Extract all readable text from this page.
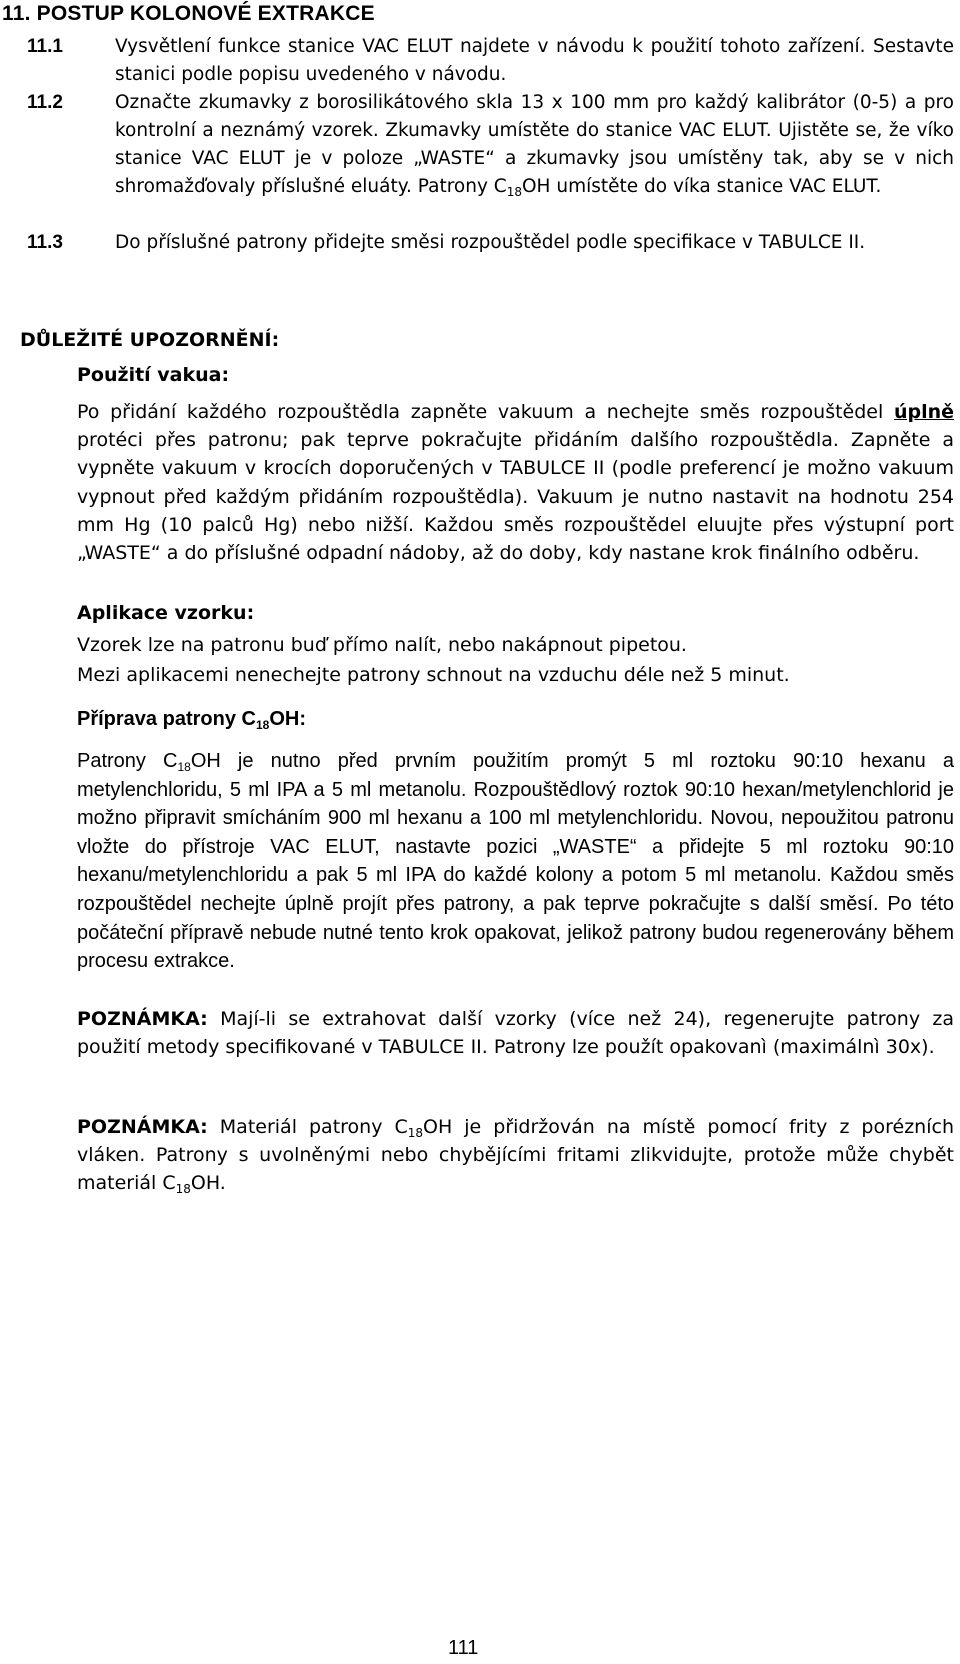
11. POSTUP KOLONOVÉ EXTRAKCE
11.1	Vysvětlení funkce stanice VAC ELUT najdete v návodu k použití tohoto zařízení. Sestavte stanici podle popisu uvedeného v návodu.
11.2	Označte zkumavky z borosilikátového skla 13 x 100 mm pro každý kalibrátor (0-5) a pro kontrolní a neznámý vzorek. Zkumavky umístěte do stanice VAC ELUT. Ujistěte se, že víko stanice VAC ELUT je v poloze „WASTE“ a zkumavky jsou umístěny tak, aby se v nich shromažďovaly příslušné eluáty. Patrony $C_{18}OH$ umístěte do víka stanice VAC ELUT.
11.3	Do příslušné patrony přidejte směsi rozpouštědel podle specifikace v TABULCE II.
DŮLEŽITÉ UPOZORNĚNÍ:
Použití vakua:
Po přidání každého rozpouštědla zapněte vakuum a nechejte směs rozpouštědel úplně protéci přes patronu; pak teprve pokračujte přidáním dalšího rozpouštědla. Zapněte a vypněte vakuum v krocích doporučených v TABULCE II (podle preferencí je možno vakuum vypnout před každým přidáním rozpouštědla). Vakuum je nutno nastavit na hodnotu 254 mm Hg (10 palců Hg) nebo nižší. Každou směs rozpouštědel eluujte přes výstupní port „WASTE“ a do příslušné odpadní nádoby, až do doby, kdy nastane krok finálního odběru.
Aplikace vzorku:
Vzorek lze na patronu buď přímo nalít, nebo nakápnout pipetou.
Mezi aplikacemi nenechejte patrony schnout na vzduchu déle než 5 minut.
Příprava patrony $C_{18}OH$:
Patrony $C_{18}OH$ je nutno před prvním použitím promýt 5 ml roztoku 90:10 hexanu a metylenchloridu, 5 ml IPA a 5 ml metanolu. Rozpouštědlový roztok 90:10 hexan/metylenchlorid je možno připravit smícháním 900 ml hexanu a 100 ml metylenchloridu. Novou, nepoužitou patronu vložte do přístroje VAC ELUT, nastavte pozici „WASTE“ a přidejte 5 ml roztoku 90:10 hexanu/metylenchloridu a pak 5 ml IPA do každé kolony a potom 5 ml metanolu. Každou směs rozpouštědel nechejte úplně projít přes patrony, a pak teprve pokračujte s další směsí. Po této počáteční přípravě nebude nutné tento krok opakovat, jelikož patrony budou regenerovány během procesu extrakce.
POZNÁMKA: Mají-li se extrahovat další vzorky (více než 24), regenerujte patrony za použití metody specifikované v TABULCE II. Patrony lze použít opakovanì (maximálnì 30x).
POZNÁMKA: Materiál patrony $C_{18}OH$ je přidržován na místě pomocí frity z porézních vláken. Patrony s uvolněnými nebo chybějícími fritami zlikvidujte, protože může chybět materiál $C_{18}OH$.
111
